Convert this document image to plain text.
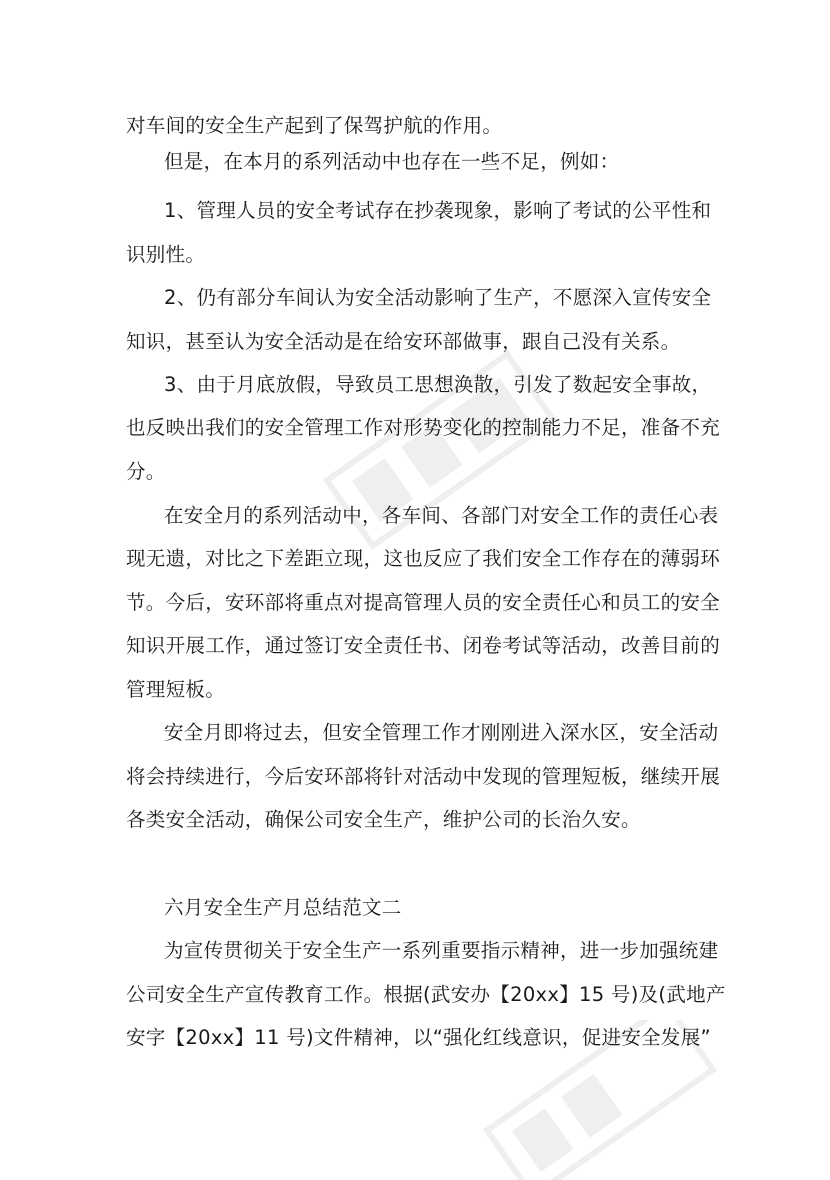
对车间的安全生产起到了保驾护航的作用。
但是，在本月的系列活动中也存在一些不足，例如：
1、管理人员的安全考试存在抄袭现象，影响了考试的公平性和
识别性。
2、仍有部分车间认为安全活动影响了生产，不愿深入宣传安全
知识，甚至认为安全活动是在给安环部做事，跟自己没有关系。
3、由于月底放假，导致员工思想涣散，引发了数起安全事故，
也反映出我们的安全管理工作对形势变化的控制能力不足，准备不充
分。
在安全月的系列活动中，各车间、各部门对安全工作的责任心表
现无遗，对比之下差距立现，这也反应了我们安全工作存在的薄弱环
节。今后，安环部将重点对提高管理人员的安全责任心和员工的安全
知识开展工作，通过签订安全责任书、闭卷考试等活动，改善目前的
管理短板。
安全月即将过去，但安全管理工作才刚刚进入深水区，安全活动
将会持续进行，今后安环部将针对活动中发现的管理短板，继续开展
各类安全活动，确保公司安全生产，维护公司的长治久安。
六月安全生产月总结范文二
为宣传贯彻关于安全生产一系列重要指示精神，进一步加强统建
公司安全生产宣传教育工作。根据(武安办【20xx】15 号)及(武地产
安字【20xx】11 号)文件精神，以“强化红线意识，促进安全发展”
